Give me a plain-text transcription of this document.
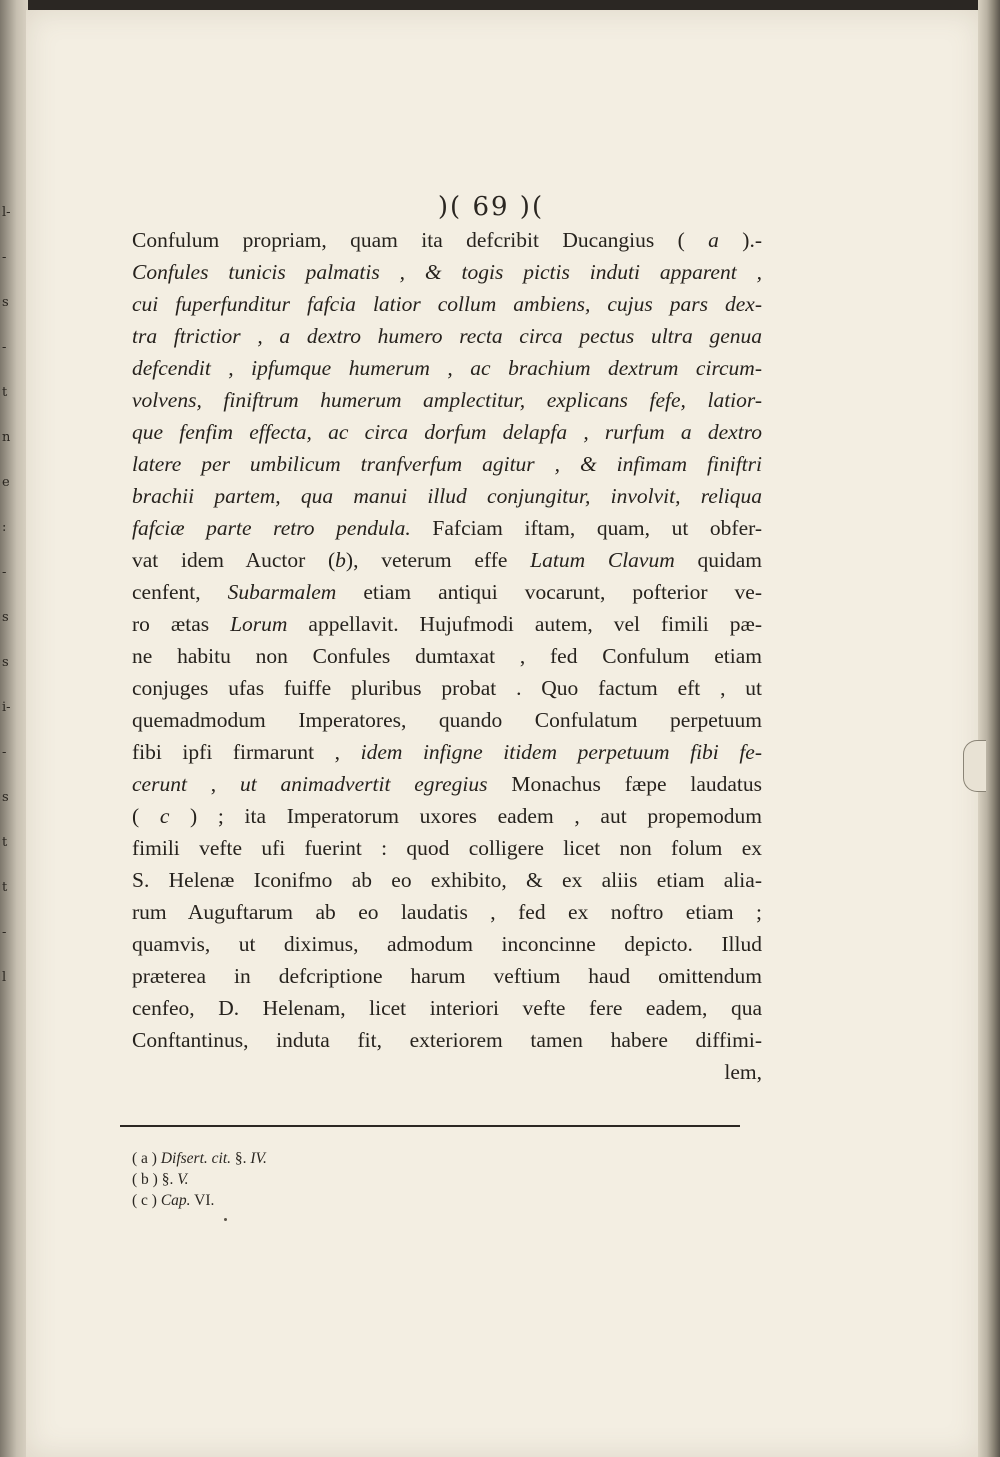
l-
-
s
-
t
n
e
:
-
s
s
i-
-
s
t
t
-
l
)( 69 )(
Confulum propriam, quam ita defcribit Ducangius ( a ).-
Confules tunicis palmatis , & togis pictis induti apparent ,
cui fuperfunditur fafcia latior collum ambiens, cujus pars dex-
tra ftrictior , a dextro humero recta circa pectus ultra genua
defcendit , ipfumque humerum , ac brachium dextrum circum-
volvens, finiftrum humerum amplectitur, explicans fefe, latior-
que fenfim effecta, ac circa dorfum delapfa , rurfum a dextro
latere per umbilicum tranfverfum agitur , & infimam finiftri
brachii partem, qua manui illud conjungitur, involvit, reliqua
fafciæ parte retro pendula. Fafciam iftam, quam, ut obfer-
vat idem Auctor (b), veterum effe Latum Clavum quidam
cenfent, Subarmalem etiam antiqui vocarunt, pofterior ve-
ro ætas Lorum appellavit. Hujufmodi autem, vel fimili pæ-
ne habitu non Confules dumtaxat , fed Confulum etiam
conjuges ufas fuiffe pluribus probat . Quo factum eft , ut
quemadmodum Imperatores, quando Confulatum perpetuum
fibi ipfi firmarunt , idem infigne itidem perpetuum fibi fe-
cerunt , ut animadvertit egregius Monachus fæpe laudatus
( c ) ; ita Imperatorum uxores eadem , aut propemodum
fimili vefte ufi fuerint : quod colligere licet non folum ex
S. Helenæ Iconifmo ab eo exhibito, & ex aliis etiam alia-
rum Auguftarum ab eo laudatis , fed ex noftro etiam ;
quamvis, ut diximus, admodum inconcinne depicto. Illud
præterea in defcriptione harum veftium haud omittendum
cenfeo, D. Helenam, licet interiori vefte fere eadem, qua
Conftantinus, induta fit, exteriorem tamen habere diffimi-
lem,
( a ) Difsert. cit. §. IV.
( b ) §. V.
( c ) Cap. VI.
